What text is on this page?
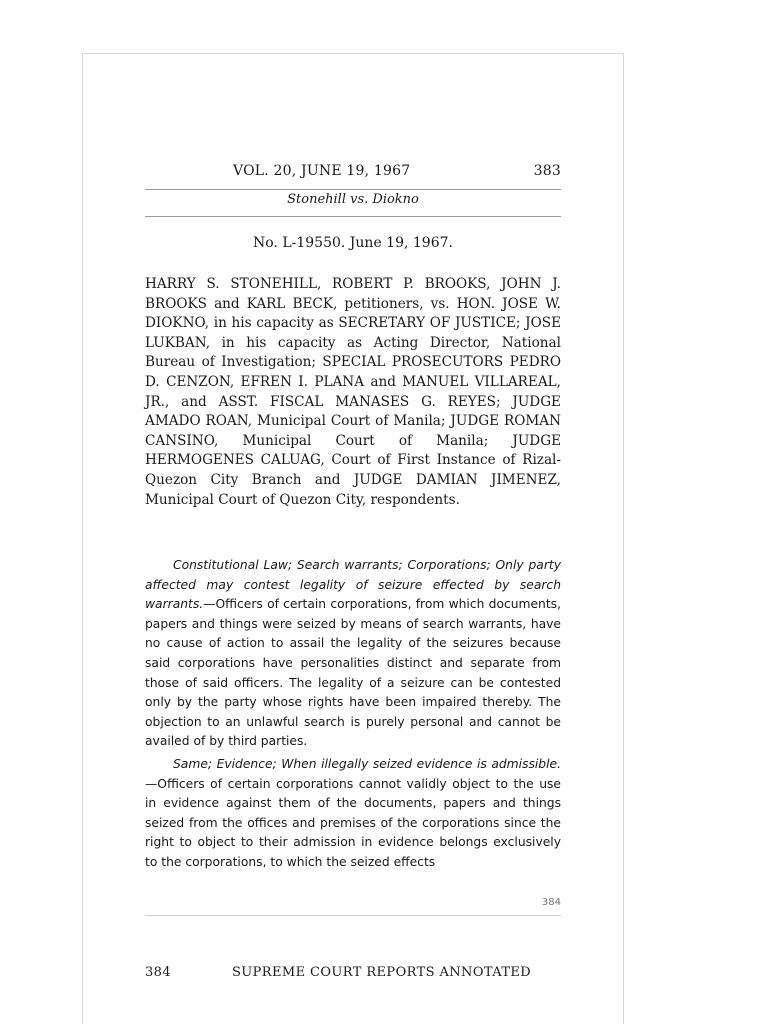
VOL. 20, JUNE 19, 1967	383
Stonehill vs. Diokno
No. L-19550. June 19, 1967.
HARRY S. STONEHILL, ROBERT P. BROOKS, JOHN J. BROOKS and KARL BECK, petitioners, vs. HON. JOSE W. DIOKNO, in his capacity as SECRETARY OF JUSTICE; JOSE LUKBAN, in his capacity as Acting Director, National Bureau of Investigation; SPECIAL PROSECUTORS PEDRO D. CENZON, EFREN I. PLANA and MANUEL VILLAREAL, JR., and ASST. FISCAL MANASES G. REYES; JUDGE AMADO ROAN, Municipal Court of Manila; JUDGE ROMAN CANSINO, Municipal Court of Manila; JUDGE HERMOGENES CALUAG, Court of First Instance of Rizal-Quezon City Branch and JUDGE DAMIAN JIMENEZ, Municipal Court of Quezon City, respondents.

Constitutional Law; Search warrants; Corporations; Only party affected may contest legality of seizure effected by search warrants.—Officers of certain corporations, from which documents, papers and things were seized by means of search warrants, have no cause of action to assail the legality of the seizures because said corporations have personalities distinct and separate from those of said officers. The legality of a seizure can be contested only by the party whose rights have been impaired thereby. The objection to an unlawful search is purely personal and cannot be availed of by third parties.

Same; Evidence; When illegally seized evidence is admissible.—Officers of certain corporations cannot validly object to the use in evidence against them of the documents, papers and things seized from the offices and premises of the corporations since the right to object to their admission in evidence belongs exclusively to the corporations, to which the seized effects

384
384	SUPREME COURT REPORTS ANNOTATED
